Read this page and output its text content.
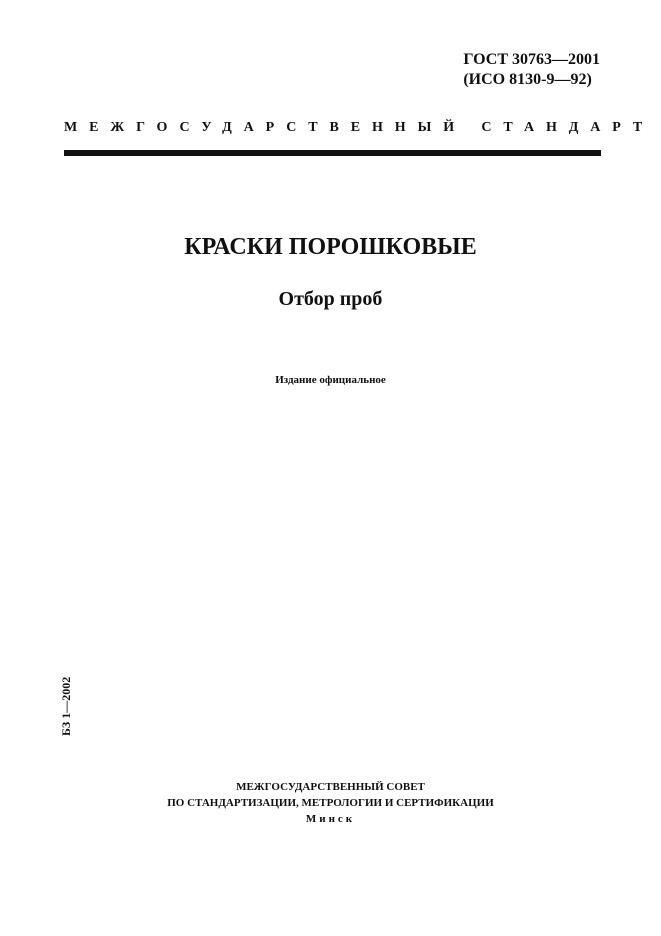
ГОСТ 30763—2001
(ИСО 8130-9—92)
МЕЖГОСУДАРСТВЕННЫЙ СТАНДАРТ
КРАСКИ ПОРОШКОВЫЕ
Отбор проб
Издание официальное
БЗ 1—2002
МЕЖГОСУДАРСТВЕННЫЙ СОВЕТ
ПО СТАНДАРТИЗАЦИИ, МЕТРОЛОГИИ И СЕРТИФИКАЦИИ
Минск
